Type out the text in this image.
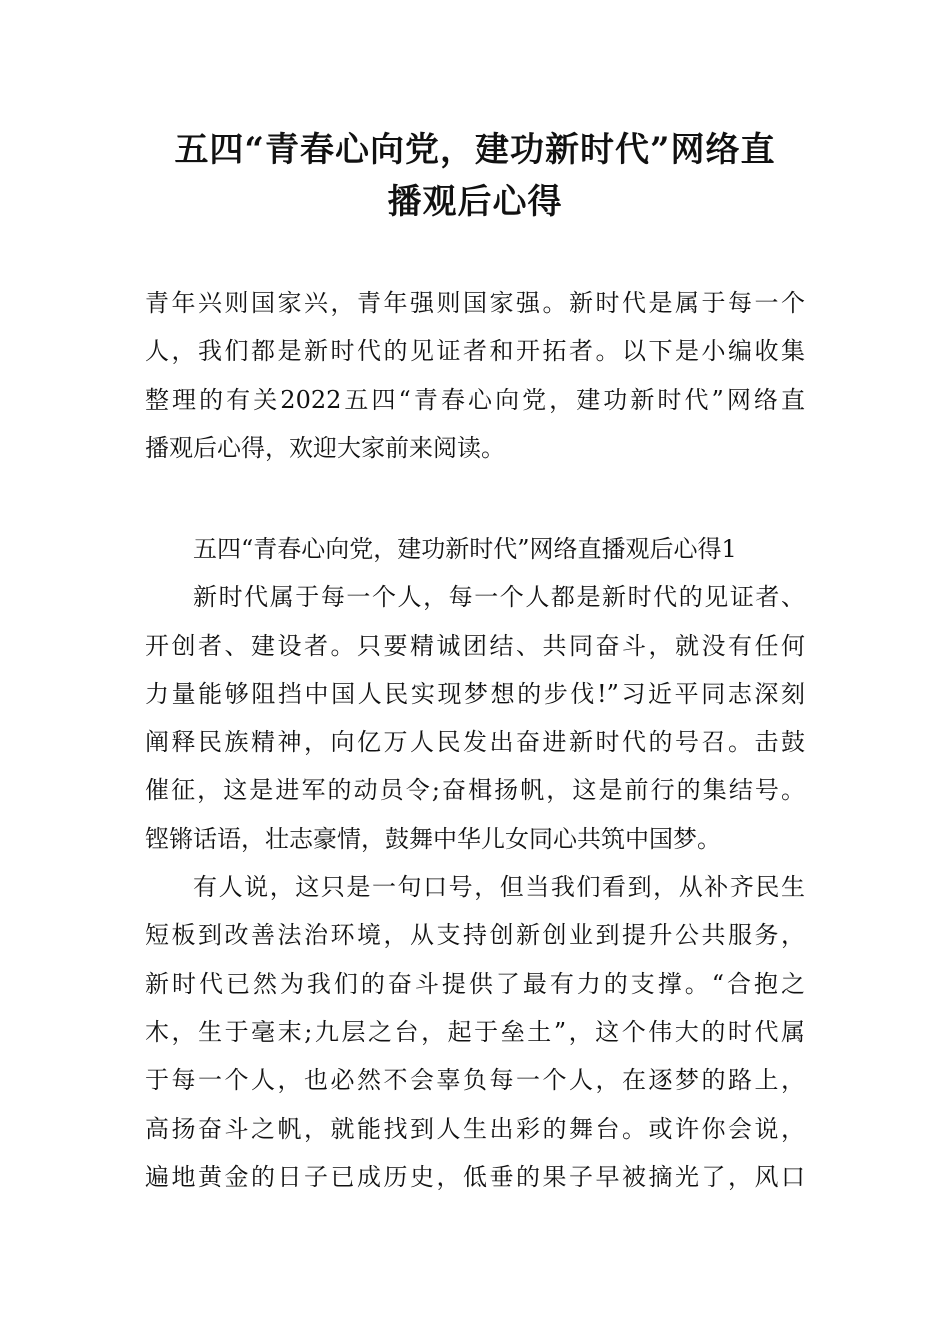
五四“青春心向党，建功新时代”网络直
播观后心得
青年兴则国家兴，青年强则国家强。新时代是属于每一个
人，我们都是新时代的见证者和开拓者。以下是小编收集
整理的有关2022五四“青春心向党，建功新时代”网络直
播观后心得，欢迎大家前来阅读。
五四“青春心向党，建功新时代”网络直播观后心得1
新时代属于每一个人，每一个人都是新时代的见证者、
开创者、建设者。只要精诚团结、共同奋斗，就没有任何
力量能够阻挡中国人民实现梦想的步伐!”习近平同志深刻
阐释民族精神，向亿万人民发出奋进新时代的号召。击鼓
催征，这是进军的动员令;奋楫扬帆，这是前行的集结号。
铿锵话语，壮志豪情，鼓舞中华儿女同心共筑中国梦。
有人说，这只是一句口号，但当我们看到，从补齐民生
短板到改善法治环境，从支持创新创业到提升公共服务，
新时代已然为我们的奋斗提供了最有力的支撑。“合抱之
木，生于毫末;九层之台，起于垒土”，这个伟大的时代属
于每一个人，也必然不会辜负每一个人，在逐梦的路上，
高扬奋斗之帆，就能找到人生出彩的舞台。或许你会说，
遍地黄金的日子已成历史，低垂的果子早被摘光了，风口
